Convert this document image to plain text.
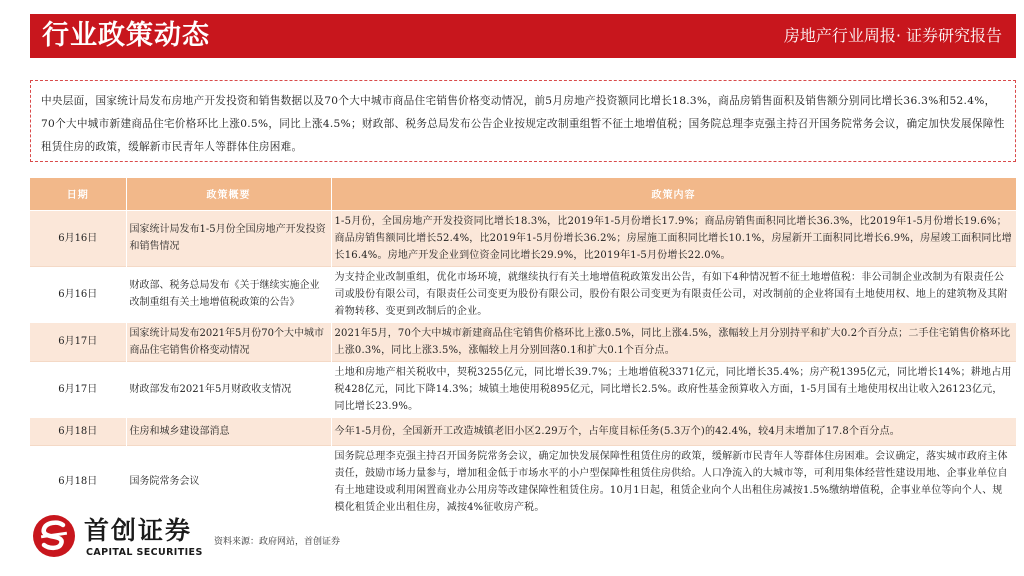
行业政策动态	房地产行业周报· 证券研究报告
中央层面，国家统计局发布房地产开发投资和销售数据以及70个大中城市商品住宅销售价格变动情况，前5月房地产投资额同比增长18.3%，商品房销售面积及销售额分别同比增长36.3%和52.4%，70个大中城市新建商品住宅价格环比上涨0.5%，同比上涨4.5%；财政部、税务总局发布公告企业按规定改制重组暂不征土地增值税；国务院总理李克强主持召开国务院常务会议，确定加快发展保障性租赁住房的政策，缓解新市民青年人等群体住房困难。
日期	政策概要	政策内容
6月16日	国家统计局发布1-5月份全国房地产开发投资和销售情况	1-5月份，全国房地产开发投资同比增长18.3%，比2019年1-5月份增长17.9%；商品房销售面积同比增长36.3%，比2019年1-5月份增长19.6%；商品房销售额同比增长52.4%，比2019年1-5月份增长36.2%；房屋施工面积同比增长10.1%，房屋新开工面积同比增长6.9%，房屋竣工面积同比增长16.4%。房地产开发企业到位资金同比增长29.9%，比2019年1-5月份增长22.0%。
6月16日	财政部、税务总局发布《关于继续实施企业改制重组有关土地增值税政策的公告》	为支持企业改制重组，优化市场环境，就继续执行有关土地增值税政策发出公告，有如下4种情况暂不征土地增值税：非公司制企业改制为有限责任公司或股份有限公司，有限责任公司变更为股份有限公司，股份有限公司变更为有限责任公司，对改制前的企业将国有土地使用权、地上的建筑物及其附着物转移、变更到改制后的企业。
6月17日	国家统计局发布2021年5月份70个大中城市商品住宅销售价格变动情况	2021年5月，70个大中城市新建商品住宅销售价格环比上涨0.5%，同比上涨4.5%，涨幅较上月分别持平和扩大0.2个百分点；二手住宅销售价格环比上涨0.3%，同比上涨3.5%，涨幅较上月分别回落0.1和扩大0.1个百分点。
6月17日	财政部发布2021年5月财政收支情况	土地和房地产相关税收中，契税3255亿元，同比增长39.7%；土地增值税3371亿元，同比增长35.4%；房产税1395亿元，同比增长14%；耕地占用税428亿元，同比下降14.3%；城镇土地使用税895亿元，同比增长2.5%。政府性基金预算收入方面，1-5月国有土地使用权出让收入26123亿元，同比增长23.9%。
6月18日	住房和城乡建设部消息	今年1-5月份，全国新开工改造城镇老旧小区2.29万个，占年度目标任务(5.3万个)的42.4%，较4月末增加了17.8个百分点。
6月18日	国务院常务会议	国务院总理李克强主持召开国务院常务会议，确定加快发展保障性租赁住房的政策，缓解新市民青年人等群体住房困难。会议确定，落实城市政府主体责任，鼓励市场力量参与，增加租金低于市场水平的小户型保障性租赁住房供给。人口净流入的大城市等，可利用集体经营性建设用地、企事业单位自有土地建设或利用闲置商业办公用房等改建保障性租赁住房。10月1日起，租赁企业向个人出租住房减按1.5%缴纳增值税，企事业单位等向个人、规模化租赁企业出租住房，减按4%征收房产税。
首创证券
CAPITAL SECURITIES
资料来源：政府网站，首创证券
